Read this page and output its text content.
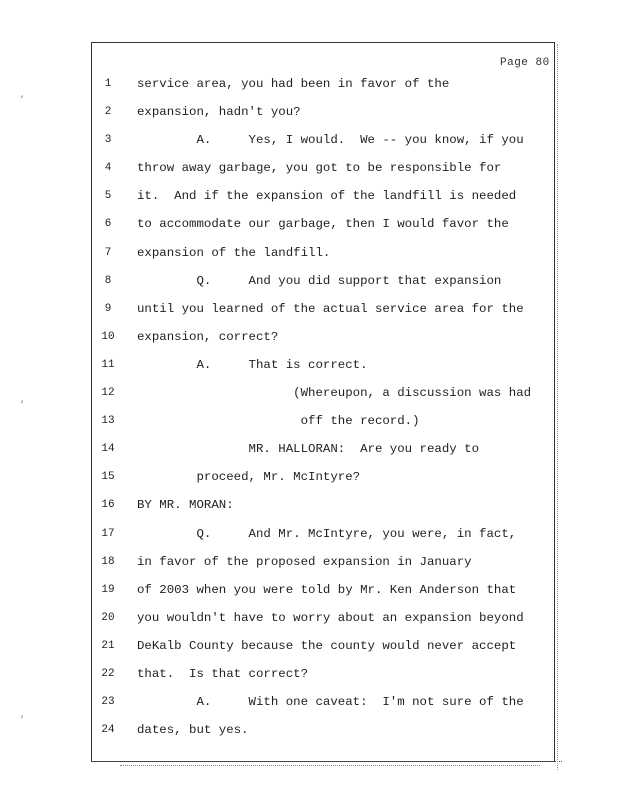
,
,
,
Page 80
1	service area, you had been in favor of the
2	expansion, hadn't you?
3	A.     Yes, I would.  We -- you know, if you
4	throw away garbage, you got to be responsible for
5	it.  And if the expansion of the landfill is needed
6	to accommodate our garbage, then I would favor the
7	expansion of the landfill.
8	Q.     And you did support that expansion
9	until you learned of the actual service area for the
10	expansion, correct?
11	A.     That is correct.
12	(Whereupon, a discussion was had
13	off the record.)
14	MR. HALLORAN:  Are you ready to
15	proceed, Mr. McIntyre?
16	BY MR. MORAN:
17	Q.     And Mr. McIntyre, you were, in fact,
18	in favor of the proposed expansion in January
19	of 2003 when you were told by Mr. Ken Anderson that
20	you wouldn't have to worry about an expansion beyond
21	DeKalb County because the county would never accept
22	that.  Is that correct?
23	A.     With one caveat:  I'm not sure of the
24	dates, but yes.
